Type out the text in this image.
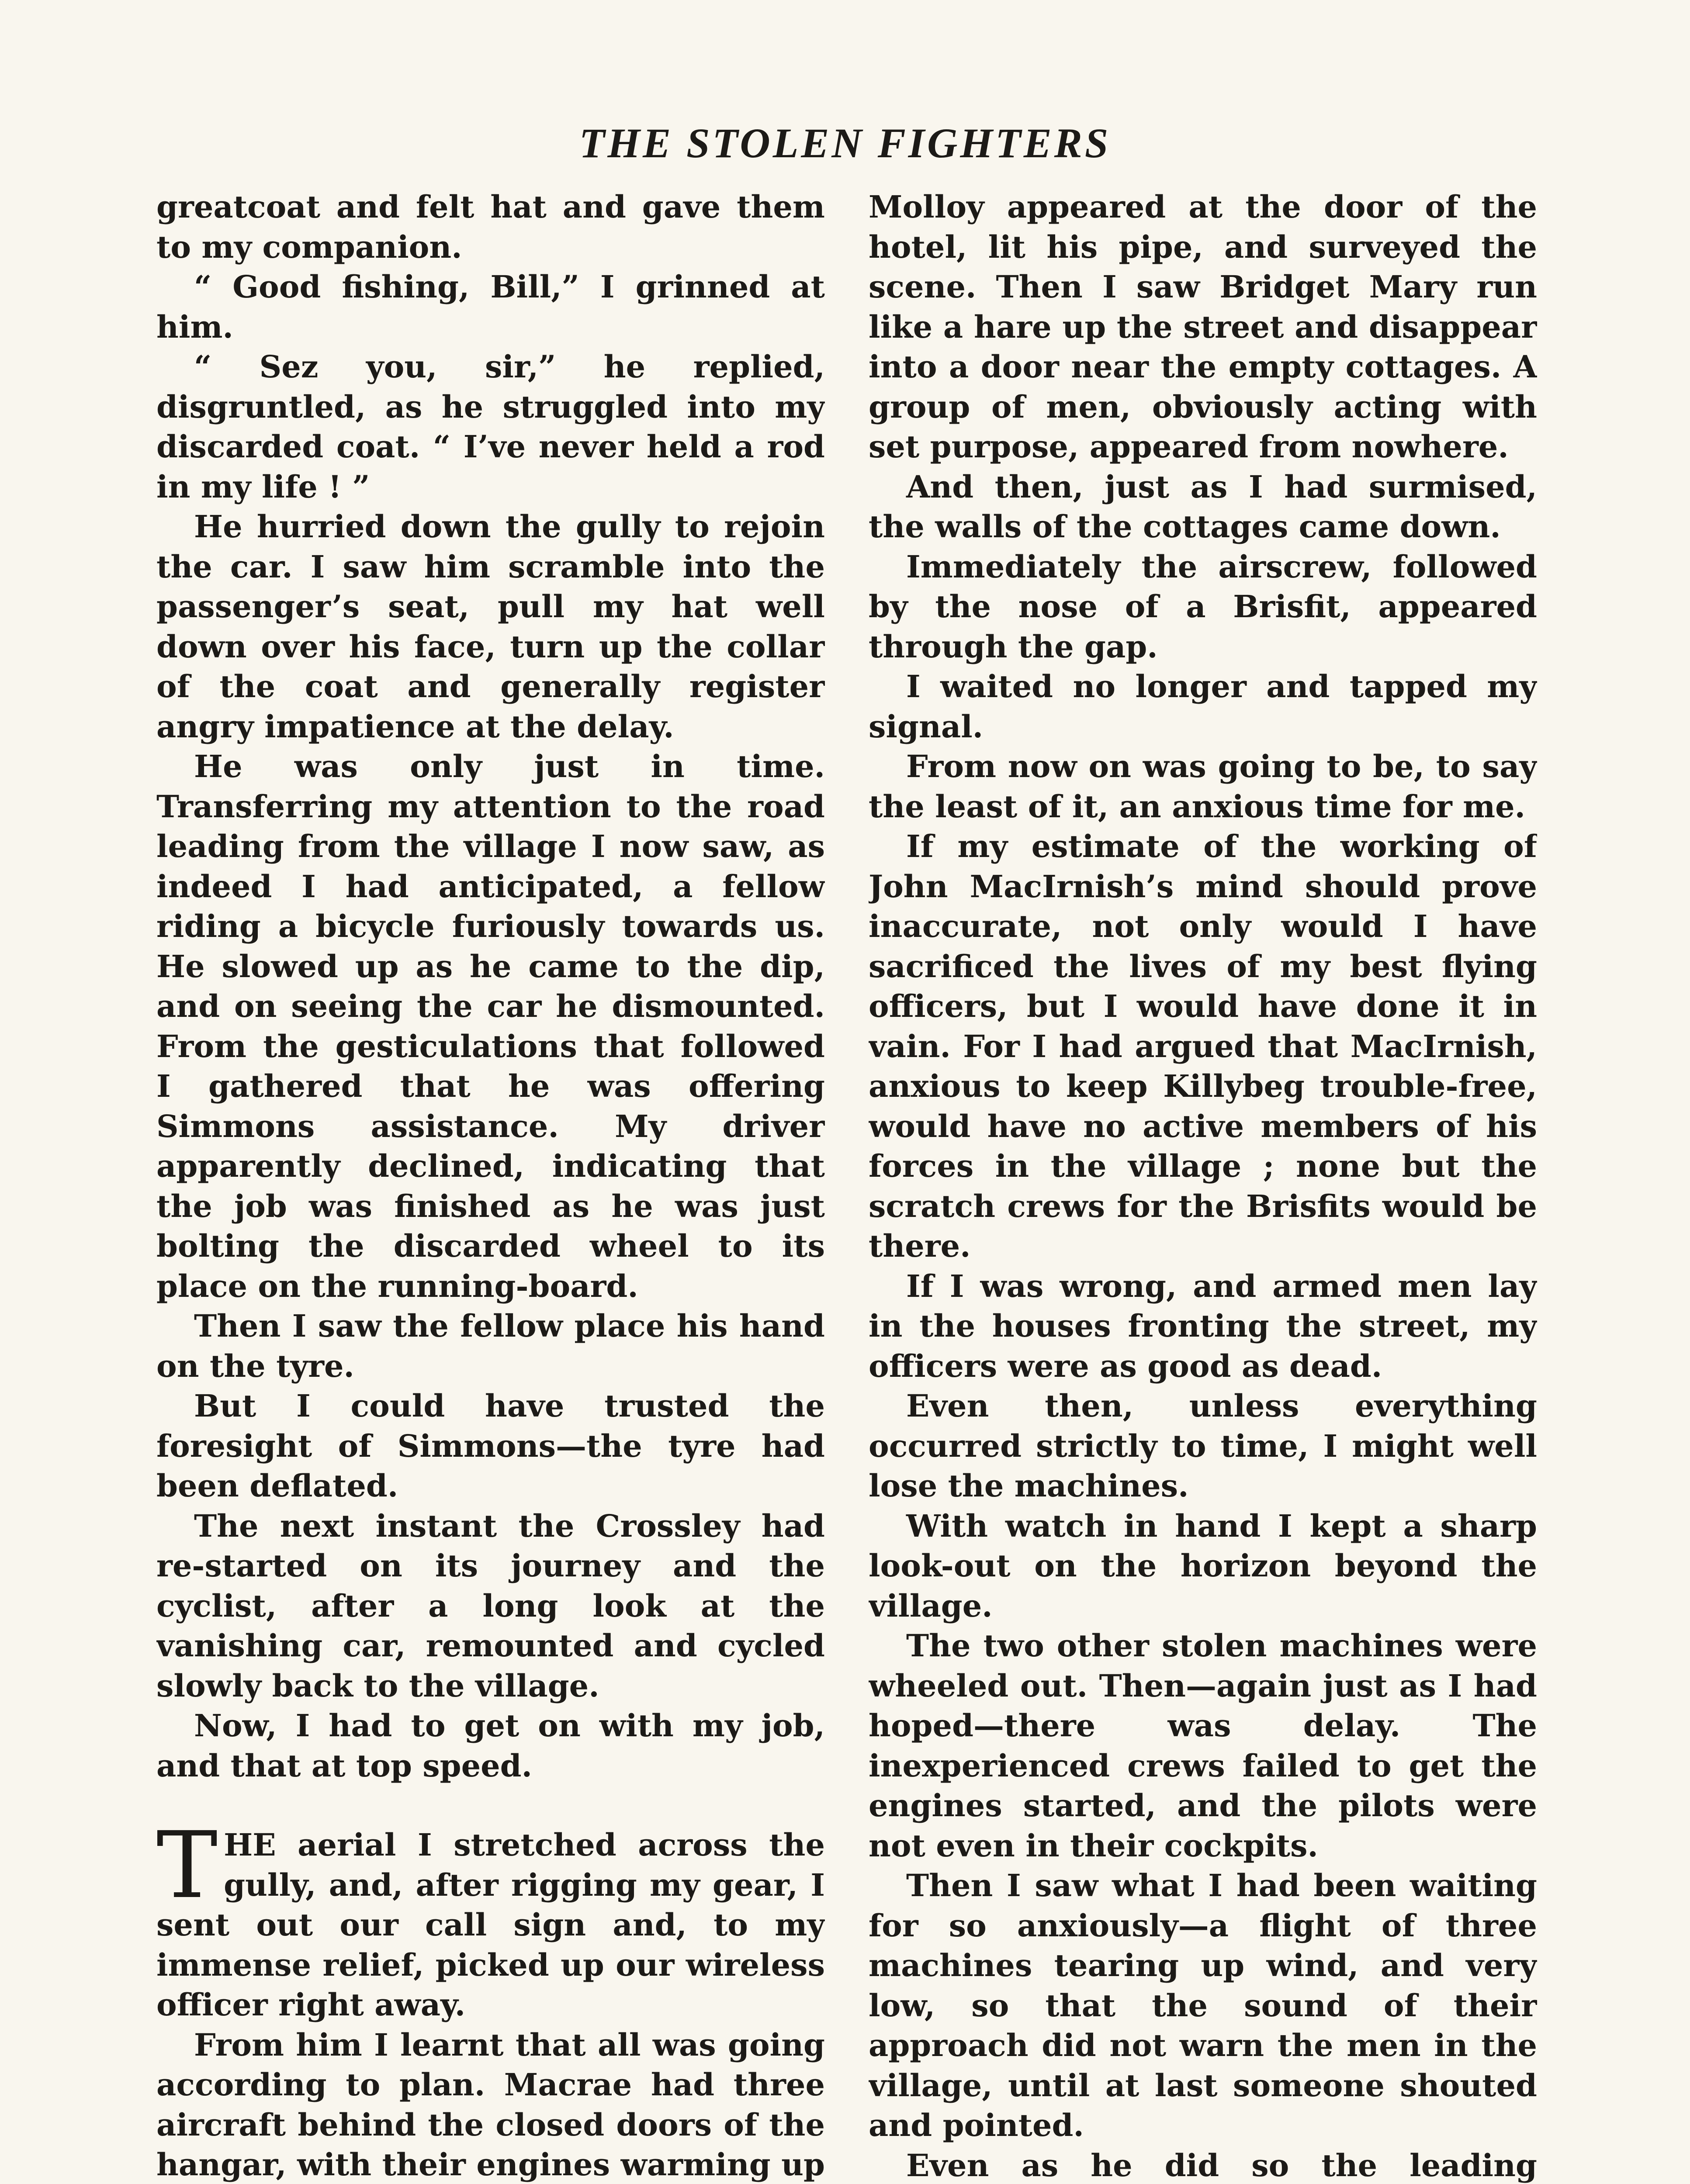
THE STOLEN FIGHTERS

greatcoat and felt hat and gave them to my companion.

“ Good fishing, Bill,” I grinned at him.

“ Sez you, sir,” he replied, disgruntled, as he struggled into my discarded coat. “ I’ve never held a rod in my life ! ”

He hurried down the gully to rejoin the car. I saw him scramble into the passenger’s seat, pull my hat well down over his face, turn up the collar of the coat and generally register angry impatience at the delay.

He was only just in time. Transferring my attention to the road leading from the village I now saw, as indeed I had anticipated, a fellow riding a bicycle furiously towards us. He slowed up as he came to the dip, and on seeing the car he dismounted. From the gesticulations that followed I gathered that he was offering Simmons assistance. My driver apparently declined, indicating that the job was finished as he was just bolting the discarded wheel to its place on the running-board.

Then I saw the fellow place his hand on the tyre.

But I could have trusted the foresight of Simmons—the tyre had been deflated.

The next instant the Crossley had re-started on its journey and the cyclist, after a long look at the vanishing car, remounted and cycled slowly back to the village.

Now, I had to get on with my job, and that at top speed.

THE aerial I stretched across the gully, and, after rigging my gear, I sent out our call sign and, to my immense relief, picked up our wireless officer right away.

From him I learnt that all was going according to plan. Macrae had three aircraft behind the closed doors of the hangar, with their engines warming up

Molloy appeared at the door of the hotel, lit his pipe, and surveyed the scene. Then I saw Bridget Mary run like a hare up the street and disappear into a door near the empty cottages. A group of men, obviously acting with set purpose, appeared from nowhere.

And then, just as I had surmised, the walls of the cottages came down.

Immediately the airscrew, followed by the nose of a Brisfit, appeared through the gap.

I waited no longer and tapped my signal.

From now on was going to be, to say the least of it, an anxious time for me.

If my estimate of the working of John MacIrnish’s mind should prove inaccurate, not only would I have sacrificed the lives of my best flying officers, but I would have done it in vain. For I had argued that MacIrnish, anxious to keep Killybeg trouble-free, would have no active members of his forces in the village ; none but the scratch crews for the Brisfits would be there.

If I was wrong, and armed men lay in the houses fronting the street, my officers were as good as dead.

Even then, unless everything occurred strictly to time, I might well lose the machines.

With watch in hand I kept a sharp look-out on the horizon beyond the village.

The two other stolen machines were wheeled out. Then—again just as I had hoped—there was delay. The inexperienced crews failed to get the engines started, and the pilots were not even in their cockpits.

Then I saw what I had been waiting for so anxiously—a flight of three machines tearing up wind, and very low, so that the sound of their approach did not warn the men in the village, until at last someone shouted and pointed.

Even as he did so the leading
